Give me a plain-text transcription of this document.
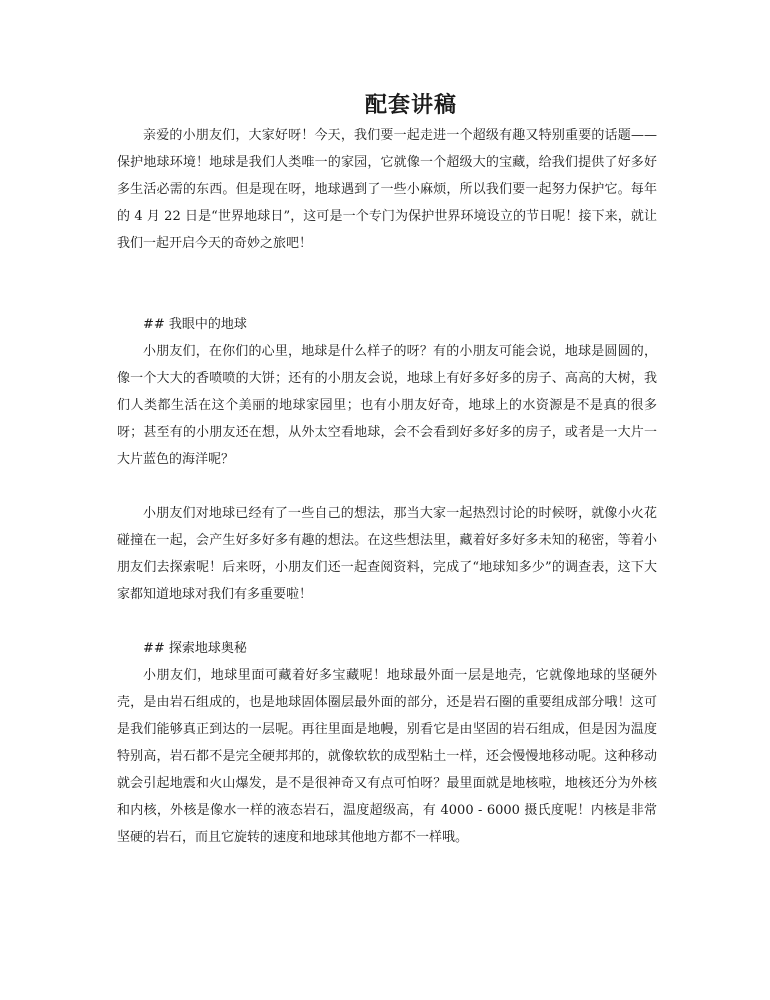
配套讲稿

亲爱的小朋友们，大家好呀！今天，我们要一起走进一个超级有趣又特别重要的话题——保护地球环境！地球是我们人类唯一的家园，它就像一个超级大的宝藏，给我们提供了好多好多生活必需的东西。但是现在呀，地球遇到了一些小麻烦，所以我们要一起努力保护它。每年的 4 月 22 日是“世界地球日”，这可是一个专门为保护世界环境设立的节日呢！接下来，就让我们一起开启今天的奇妙之旅吧！

## 我眼中的地球

小朋友们，在你们的心里，地球是什么样子的呀？有的小朋友可能会说，地球是圆圆的，像一个大大的香喷喷的大饼；还有的小朋友会说，地球上有好多好多的房子、高高的大树，我们人类都生活在这个美丽的地球家园里；也有小朋友好奇，地球上的水资源是不是真的很多呀；甚至有的小朋友还在想，从外太空看地球，会不会看到好多好多的房子，或者是一大片一大片蓝色的海洋呢？

小朋友们对地球已经有了一些自己的想法，那当大家一起热烈讨论的时候呀，就像小火花碰撞在一起，会产生好多好多有趣的想法。在这些想法里，藏着好多好多未知的秘密，等着小朋友们去探索呢！后来呀，小朋友们还一起查阅资料，完成了“地球知多少”的调查表，这下大家都知道地球对我们有多重要啦！

## 探索地球奥秘

小朋友们，地球里面可藏着好多宝藏呢！地球最外面一层是地壳，它就像地球的坚硬外壳，是由岩石组成的，也是地球固体圈层最外面的部分，还是岩石圈的重要组成部分哦！这可是我们能够真正到达的一层呢。再往里面是地幔，别看它是由坚固的岩石组成，但是因为温度特别高，岩石都不是完全硬邦邦的，就像软软的成型粘土一样，还会慢慢地移动呢。这种移动就会引起地震和火山爆发，是不是很神奇又有点可怕呀？最里面就是地核啦，地核还分为外核和内核，外核是像水一样的液态岩石，温度超级高，有 4000 - 6000 摄氏度呢！内核是非常坚硬的岩石，而且它旋转的速度和地球其他地方都不一样哦。
